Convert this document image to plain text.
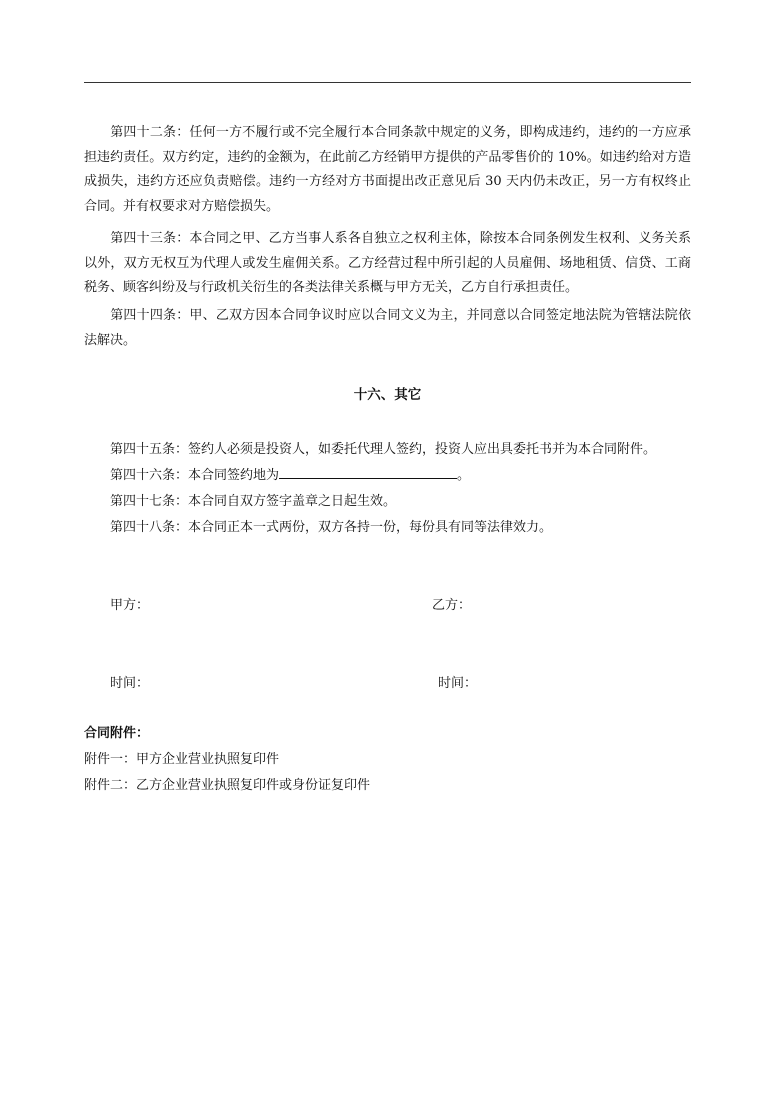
第四十二条：任何一方不履行或不完全履行本合同条款中规定的义务，即构成违约，违约的一方应承担违约责任。双方约定，违约的金额为，在此前乙方经销甲方提供的产品零售价的 10%。如违约给对方造成损失，违约方还应负责赔偿。违约一方经对方书面提出改正意见后 30 天内仍未改正，另一方有权终止合同。并有权要求对方赔偿损失。

第四十三条：本合同之甲、乙方当事人系各自独立之权利主体，除按本合同条例发生权利、义务关系以外，双方无权互为代理人或发生雇佣关系。乙方经营过程中所引起的人员雇佣、场地租赁、信贷、工商税务、顾客纠纷及与行政机关衍生的各类法律关系概与甲方无关，乙方自行承担责任。

第四十四条：甲、乙双方因本合同争议时应以合同文义为主，并同意以合同签定地法院为管辖法院依法解决。

十六、其它

第四十五条：签约人必须是投资人，如委托代理人签约，投资人应出具委托书并为本合同附件。

第四十六条：本合同签约地为	。

第四十七条：本合同自双方签字盖章之日起生效。

第四十八条：本合同正本一式两份，双方各持一份，每份具有同等法律效力。

甲方：	乙方：

时间：	时间：

合同附件：

附件一：甲方企业营业执照复印件

附件二：乙方企业营业执照复印件或身份证复印件
